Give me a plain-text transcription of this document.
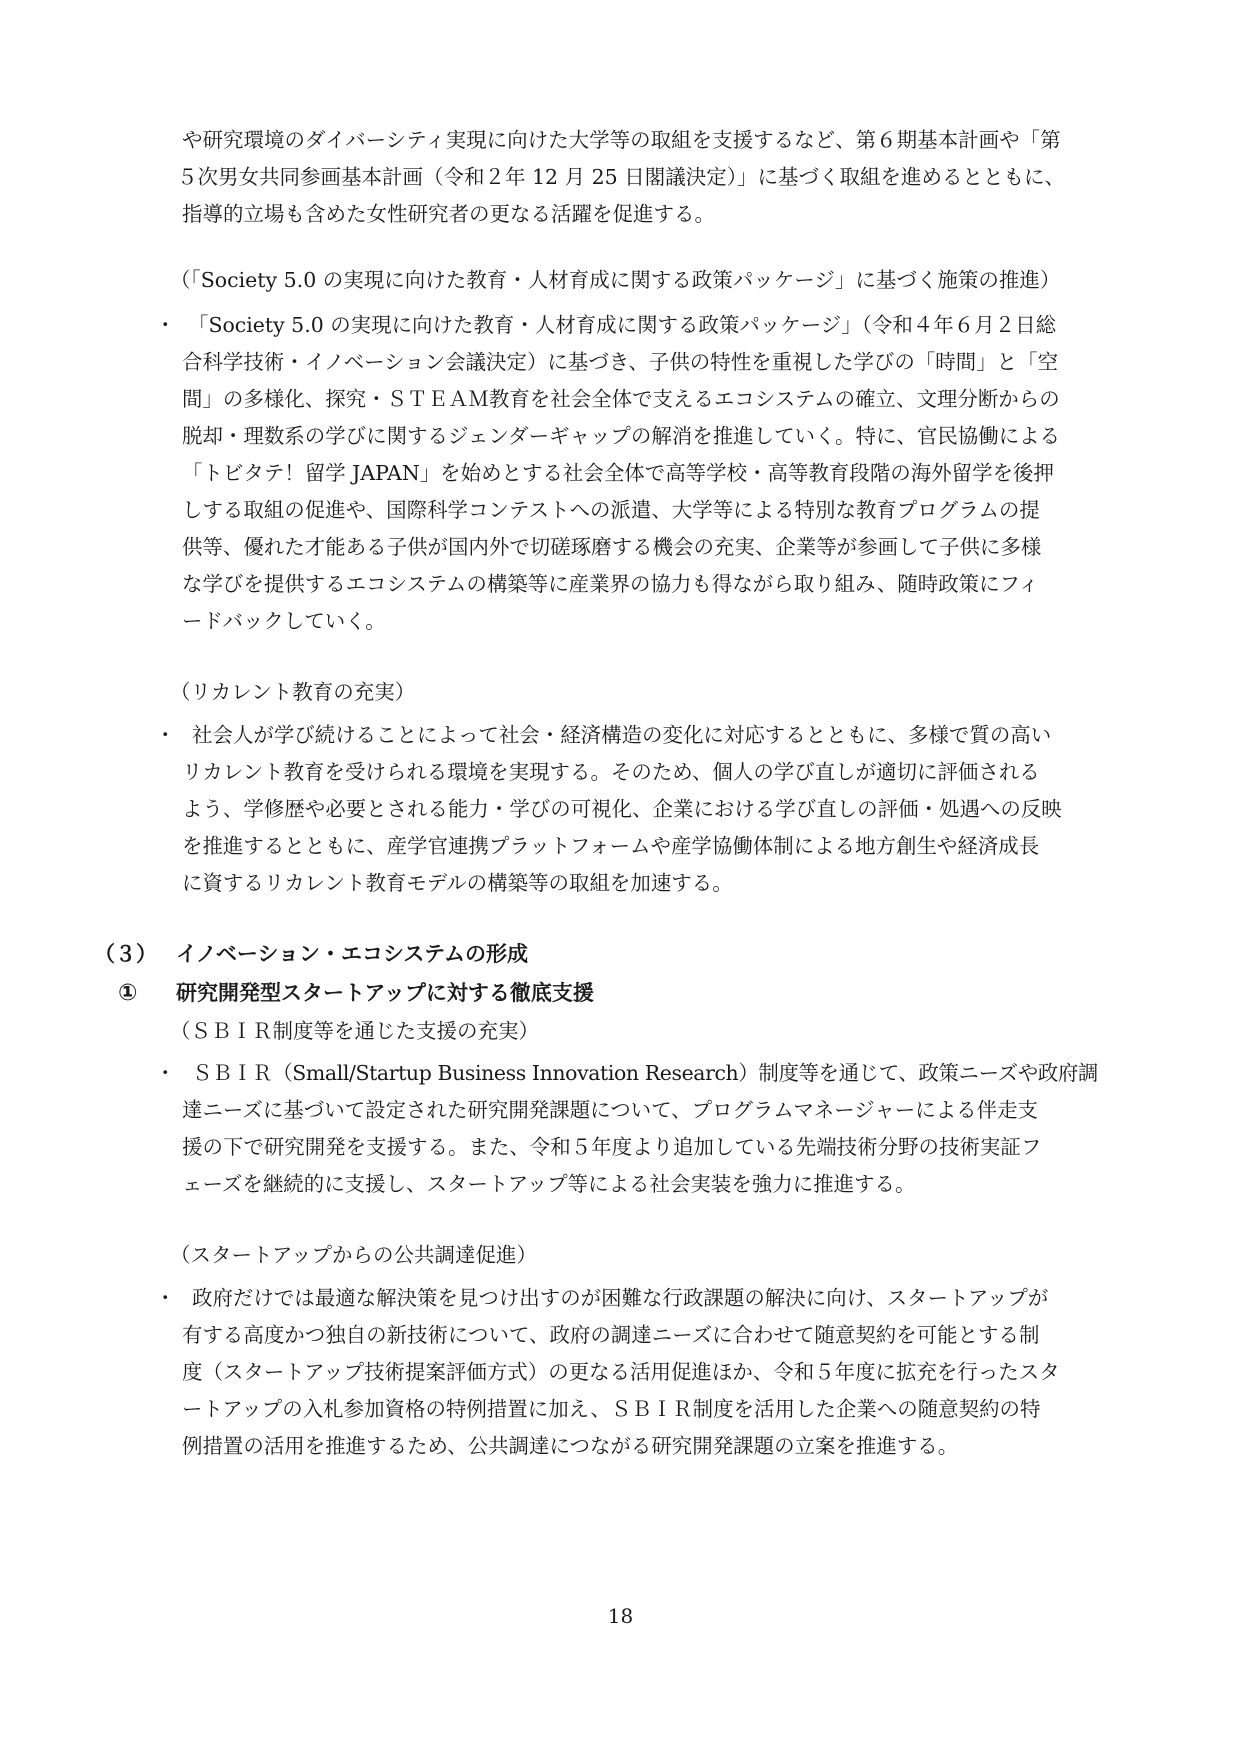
や研究環境のダイバーシティ実現に向けた大学等の取組を支援するなど、第６期基本計画や「第

５次男女共同参画基本計画（令和２年 12 月 25 日閣議決定）」に基づく取組を進めるとともに、

指導的立場も含めた女性研究者の更なる活躍を促進する。

（「Society 5.0 の実現に向けた教育・人材育成に関する政策パッケージ」に基づく施策の推進）
・ 「Society 5.0 の実現に向けた教育・人材育成に関する政策パッケージ」（令和４年６月２日総

合科学技術・イノベーション会議決定）に基づき、子供の特性を重視した学びの「時間」と「空

間」の多様化、探究・ＳＴＥＡＭ教育を社会全体で支えるエコシステムの確立、文理分断からの

脱却・理数系の学びに関するジェンダーギャップの解消を推進していく。特に、官民協働による

「トビタテ！留学 JAPAN」を始めとする社会全体で高等学校・高等教育段階の海外留学を後押

しする取組の促進や、国際科学コンテストへの派遣、大学等による特別な教育プログラムの提

供等、優れた才能ある子供が国内外で切磋琢磨する機会の充実、企業等が参画して子供に多様

な学びを提供するエコシステムの構築等に産業界の協力も得ながら取り組み、随時政策にフィ

ードバックしていく。

（リカレント教育の充実）
・ 社会人が学び続けることによって社会・経済構造の変化に対応するとともに、多様で質の高い

リカレント教育を受けられる環境を実現する。そのため、個人の学び直しが適切に評価される

よう、学修歴や必要とされる能力・学びの可視化、企業における学び直しの評価・処遇への反映

を推進するとともに、産学官連携プラットフォームや産学協働体制による地方創生や経済成長

に資するリカレント教育モデルの構築等の取組を加速する。

（３） イノベーション・エコシステムの形成
① 研究開発型スタートアップに対する徹底支援
（ＳＢＩＲ制度等を通じた支援の充実）
・ ＳＢＩＲ（Small/Startup Business Innovation Research）制度等を通じて、政策ニーズや政府調

達ニーズに基づいて設定された研究開発課題について、プログラムマネージャーによる伴走支

援の下で研究開発を支援する。また、令和５年度より追加している先端技術分野の技術実証フ

ェーズを継続的に支援し、スタートアップ等による社会実装を強力に推進する。

（スタートアップからの公共調達促進）
・ 政府だけでは最適な解決策を見つけ出すのが困難な行政課題の解決に向け、スタートアップが

有する高度かつ独自の新技術について、政府の調達ニーズに合わせて随意契約を可能とする制

度（スタートアップ技術提案評価方式）の更なる活用促進ほか、令和５年度に拡充を行ったスタ

ートアップの入札参加資格の特例措置に加え、ＳＢＩＲ制度を活用した企業への随意契約の特

例措置の活用を推進するため、公共調達につながる研究開発課題の立案を推進する。

18
